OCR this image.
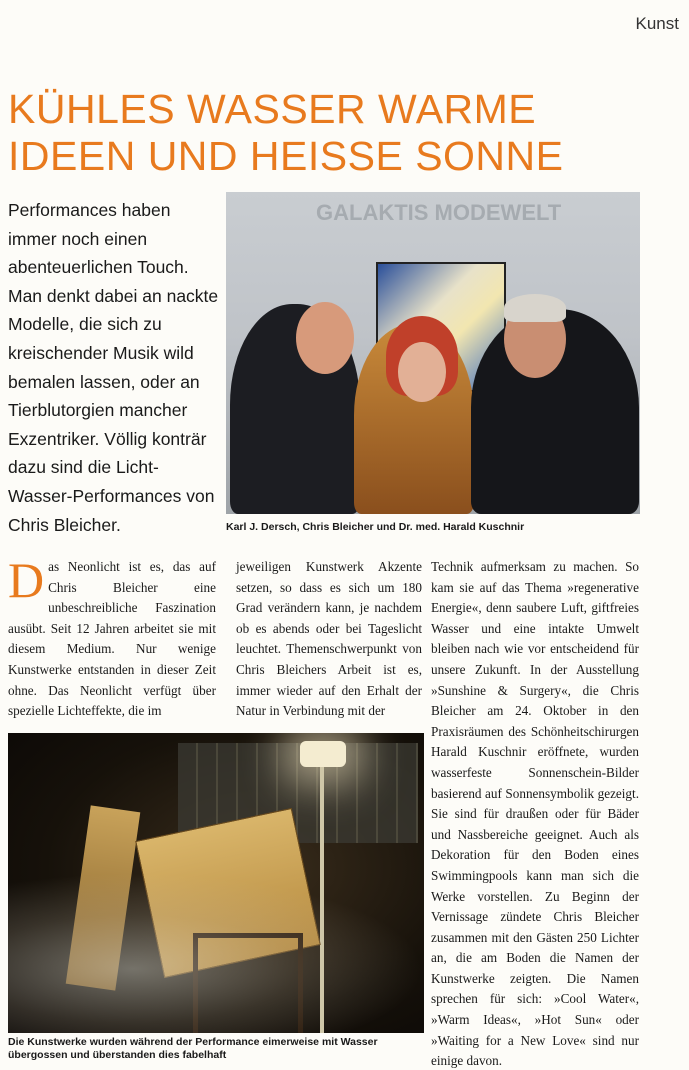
Kunst
KÜHLES WASSER WARME
IDEEN UND HEISSE SONNE

Performances haben immer noch einen abenteuerlichen Touch. Man denkt dabei an nackte Modelle, die sich zu kreischender Musik wild bemalen lassen, oder an Tierblutorgien mancher Exzentriker. Völlig konträr dazu sind die Licht-Wasser-Performances von Chris Bleicher.

GALAKTIS MODEWELT
Karl J. Dersch, Chris Bleicher und Dr. med. Harald Kuschnir
Das Neonlicht ist es, das auf Chris Bleicher eine unbeschreibliche Faszination ausübt. Seit 12 Jahren arbeitet sie mit diesem Medium. Nur wenige Kunstwerke entstanden in dieser Zeit ohne. Das Neonlicht verfügt über spezielle Lichteffekte, die im
jeweiligen Kunstwerk Akzente setzen, so dass es sich um 180 Grad verändern kann, je nachdem ob es abends oder bei Tageslicht leuchtet. Themenschwerpunkt von Chris Bleichers Arbeit ist es, immer wieder auf den Erhalt der Natur in Verbindung mit der
Technik aufmerksam zu machen. So kam sie auf das Thema »regenerative Energie«, denn saubere Luft, giftfreies Wasser und eine intakte Umwelt bleiben nach wie vor entscheidend für unsere Zukunft. In der Ausstellung »Sunshine & Surgery«, die Chris Bleicher am 24. Oktober in den Praxisräumen des Schönheitschirurgen Harald Kuschnir eröffnete, wurden wasserfeste Sonnenschein-Bilder basierend auf Sonnensymbolik gezeigt. Sie sind für draußen oder für Bäder und Nassbereiche geeignet. Auch als Dekoration für den Boden eines Swimmingpools kann man sich die Werke vorstellen. Zu Beginn der Vernissage zündete Chris Bleicher zusammen mit den Gästen 250 Lichter an, die am Boden die Namen der Kunstwerke zeigten. Die Namen sprechen für sich: »Cool Water«, »Warm Ideas«, »Hot Sun« oder »Waiting for a New Love« sind nur einige davon.
Die Kunstwerke wurden während der Performance eimerweise mit Wasser übergossen und überstanden dies fabelhaft
